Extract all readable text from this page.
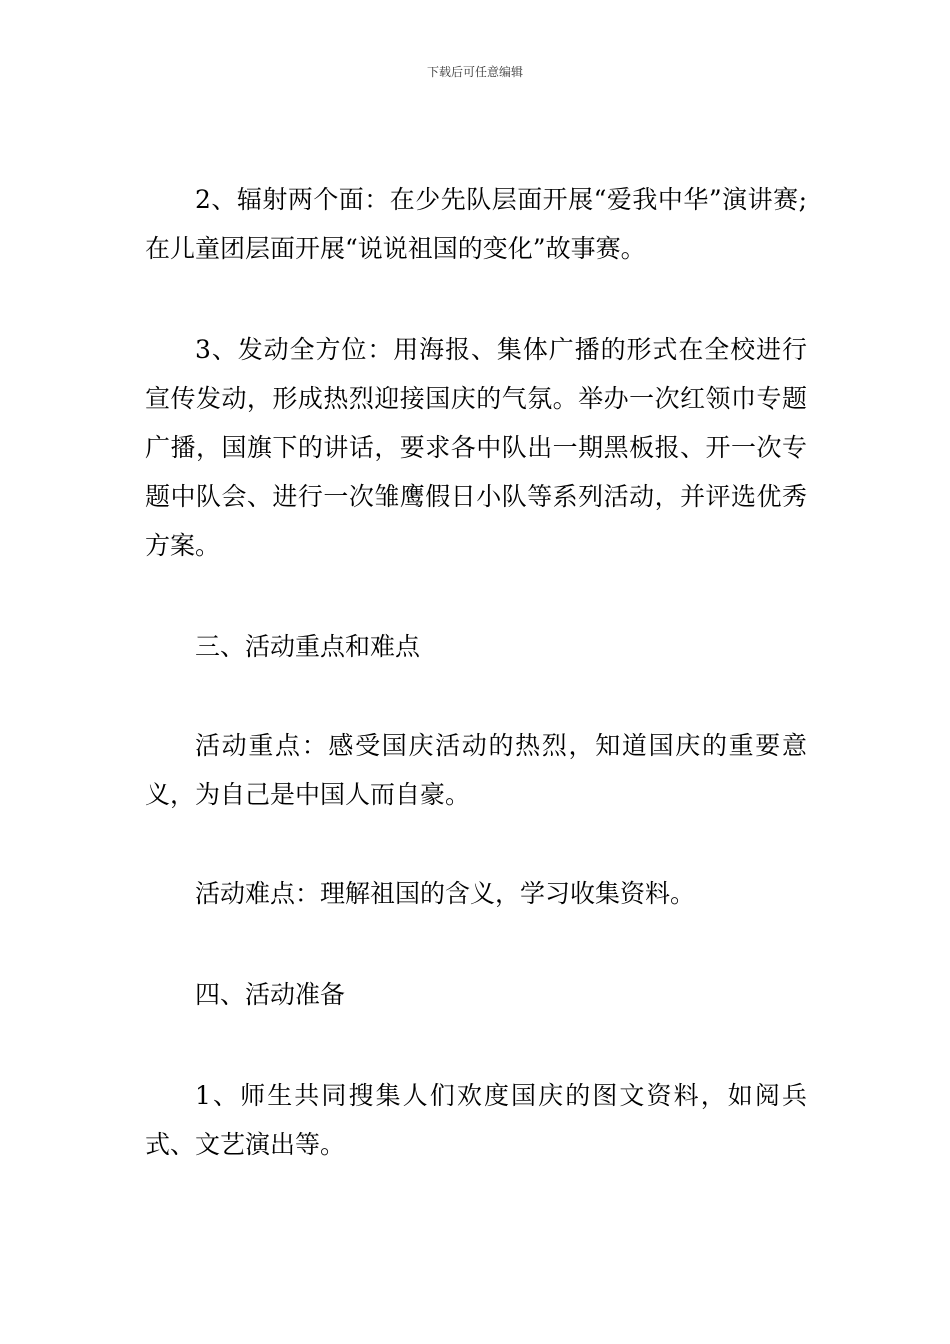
下载后可任意编辑

2、辐射两个面：在少先队层面开展“爱我中华”演讲赛;在儿童团层面开展“说说祖国的变化”故事赛。

3、发动全方位：用海报、集体广播的形式在全校进行宣传发动，形成热烈迎接国庆的气氛。举办一次红领巾专题广播，国旗下的讲话，要求各中队出一期黑板报、开一次专题中队会、进行一次雏鹰假日小队等系列活动，并评选优秀方案。

三、活动重点和难点

活动重点：感受国庆活动的热烈，知道国庆的重要意义，为自己是中国人而自豪。

活动难点：理解祖国的含义，学习收集资料。

四、活动准备

1、师生共同搜集人们欢度国庆的图文资料，如阅兵式、文艺演出等。
